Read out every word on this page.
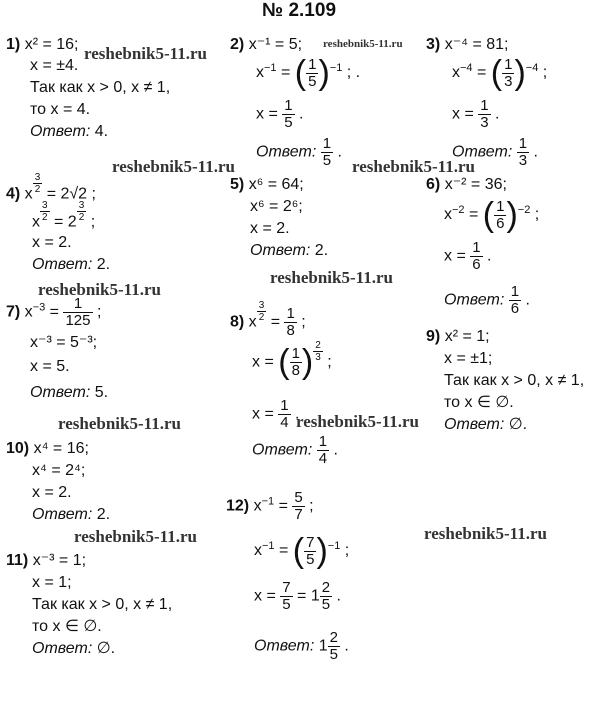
№ 2.109
reshebnik5-11.ru	reshebnik5-11.ru
reshebnik5-11.ru	reshebnik5-11.ru
reshebnik5-11.ru
reshebnik5-11.ru
reshebnik5-11.ru
reshebnik5-11.ru
reshebnik5-11.ru	reshebnik5-11.ru
1) x² = 16;
x = ±4.
Так как x > 0, x ≠ 1,
то x = 4.
Ответ: 4.
2) x⁻¹ = 5;
$x^{-1}$ = ( $\frac{1}{5} )^{-1}$ ; .
$x = \frac{1}{5}$ .
Ответ: $\frac{1}{5}$ .
3) x⁻⁴ = 81;
$x^{-4}$ = ( $\frac{1}{3} )^{-4}$ ;
$x = \frac{1}{3}$ .
Ответ: $\frac{1}{3}$ .
4) x $\frac{3}{2} = 2√2$ ;
x $\frac{3}{2} = 2 \frac{3}{2}$ ;
x = 2.
Ответ: 2.
5) x⁶ = 64;
x⁶ = 2⁶;
x = 2.
Ответ: 2.
6) x⁻² = 36;
$x^{-2}$ = ( $\frac{1}{6} )^{-2}$ ;
$x = \frac{1}{6}$ .
Ответ: $\frac{1}{6}$ .
7) $x^{-3} = \frac{1}{125}$ ;
x⁻³ = 5⁻³;
x = 5.
Ответ: 5.
8) x $\frac{3}{2} = \frac{1}{8}$ ;
x = ( $\frac{1}{8}$ ) $\frac{2}{3}$ ;
$x = \frac{1}{4}$ .
Ответ: $\frac{1}{4}$ .
9) x² = 1;
x = ±1;
Так как x > 0, x ≠ 1,
то x ∈ ∅.
Ответ: ∅.
10) x⁴ = 16;
x⁴ = 2⁴;
x = 2.
Ответ: 2.
11) x⁻³ = 1;
x = 1;
Так как x > 0, x ≠ 1,
то x ∈ ∅.
Ответ: ∅.
12) $x^{-1} = \frac{5}{7}$ ;
$x^{-1}$ = ( $\frac{7}{5} )^{-1}$ ;
$x = \frac{7}{5} = 1 \frac{2}{5}$ .
Ответ: $1 \frac{2}{5}$ .
